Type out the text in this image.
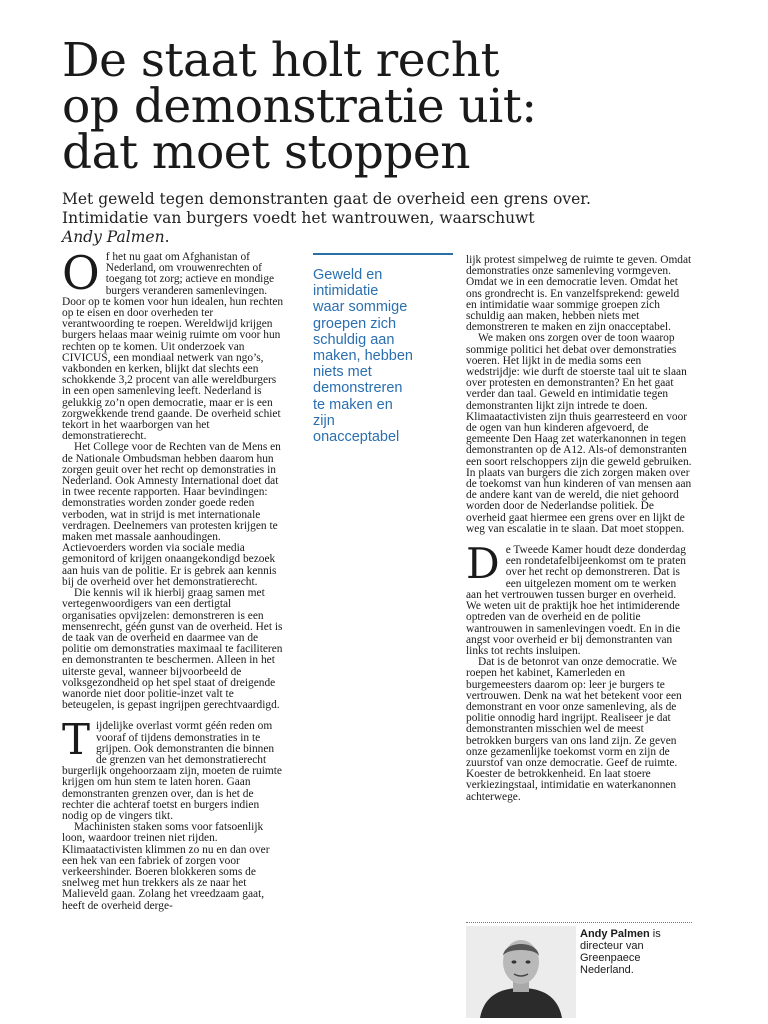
De staat holt recht
op demonstratie uit:
dat moet stoppen
Met geweld tegen demonstranten gaat de overheid een grens over.
Intimidatie van burgers voedt het wantrouwen, waarschuwt
Andy Palmen.

Of het nu gaat om Afghanistan of Nederland, om vrouwenrechten of toegang tot zorg; actieve en mondige burgers veranderen samenlevingen. Door op te komen voor hun idealen, hun rechten op te eisen en door overheden ter verantwoording te roepen. Wereldwijd krijgen burgers helaas maar weinig ruimte om voor hun rechten op te komen. Uit onderzoek van CIVICUS, een mondiaal netwerk van ngo’s, vakbonden en kerken, blijkt dat slechts een schokkende 3,2 procent van alle wereldburgers in een open samenleving leeft. Nederland is gelukkig zo’n open democratie, maar er is een zorgwekkende trend gaande. De overheid schiet tekort in het waarborgen van het demonstratierecht.

Het College voor de Rechten van de Mens en de Nationale Ombudsman hebben daarom hun zorgen geuit over het recht op demonstraties in Nederland. Ook Amnesty International doet dat in twee recente rapporten. Haar bevindingen: demonstraties worden zonder goede reden verboden, wat in strijd is met internationale verdragen. Deelnemers van protesten krijgen te maken met massale aanhoudingen. Actievoerders worden via sociale media gemonitord of krijgen onaangekondigd bezoek aan huis van de politie. Er is gebrek aan kennis bij de overheid over het demonstratierecht.

Die kennis wil ik hierbij graag samen met vertegenwoordigers van een dertigtal organisaties opvijzelen: demonstreren is een mensenrecht, géén gunst van de overheid. Het is de taak van de overheid en daarmee van de politie om demonstraties maximaal te faciliteren en demonstranten te beschermen. Alleen in het uiterste geval, wanneer bijvoorbeeld de volksgezondheid op het spel staat of dreigende wanorde niet door politie-inzet valt te beteugelen, is gepast ingrijpen gerechtvaardigd.

Tijdelijke overlast vormt géén reden om vooraf of tijdens demonstraties in te grijpen. Ook demonstranten die binnen de grenzen van het demonstratierecht burgerlijk ongehoorzaam zijn, moeten de ruimte krijgen om hun stem te laten horen. Gaan demonstranten grenzen over, dan is het de rechter die achteraf toetst en burgers indien nodig op de vingers tikt.

Machinisten staken soms voor fatsoenlijk loon, waardoor treinen niet rijden. Klimaatactivisten klimmen zo nu en dan over een hek van een fabriek of zorgen voor verkeershinder. Boeren blokkeren soms de snelweg met hun trekkers als ze naar het Malieveld gaan. Zolang het vreedzaam gaat, heeft de overheid derge-

Geweld en
intimidatie
waar sommige
groepen zich
schuldig aan
maken, hebben
niets met
demonstreren
te maken en
zijn
onacceptabel

lijk protest simpelweg de ruimte te geven. Omdat demonstraties onze samenleving vormgeven. Omdat we in een democratie leven. Omdat het ons grondrecht is. En vanzelfsprekend: geweld en intimidatie waar sommige groepen zich schuldig aan maken, hebben niets met demonstreren te maken en zijn onacceptabel.

We maken ons zorgen over de toon waarop sommige politici het debat over demonstraties voeren. Het lijkt in de media soms een wedstrijdje: wie durft de stoerste taal uit te slaan over protesten en demonstranten? En het gaat verder dan taal. Geweld en intimidatie tegen demonstranten lijkt zijn intrede te doen. Klimaatactivisten zijn thuis gearresteerd en voor de ogen van hun kinderen afgevoerd, de gemeente Den Haag zet waterkanonnen in tegen demonstranten op de A12. Als-of demonstranten een soort relschoppers zijn die geweld gebruiken. In plaats van burgers die zich zorgen maken over de toekomst van hun kinderen of van mensen aan de andere kant van de wereld, die niet gehoord worden door de Nederlandse politiek. De overheid gaat hiermee een grens over en lijkt de weg van escalatie in te slaan. Dat moet stoppen.

De Tweede Kamer houdt deze donderdag een rondetafelbijeenkomst om te praten over het recht op demonstreren. Dat is een uitgelezen moment om te werken aan het vertrouwen tussen burger en overheid. We weten uit de praktijk hoe het intimiderende optreden van de overheid en de politie wantrouwen in samenlevingen voedt. En in die angst voor overheid er bij demonstranten van links tot rechts insluipen.

Dat is de betonrot van onze democratie. We roepen het kabinet, Kamerleden en burgemeesters daarom op: leer je burgers te vertrouwen. Denk na wat het betekent voor een demonstrant en voor onze samenleving, als de politie onnodig hard ingrijpt. Realiseer je dat demonstranten misschien wel de meest betrokken burgers van ons land zijn. Ze geven onze gezamenlijke toekomst vorm en zijn de zuurstof van onze democratie. Geef de ruimte. Koester de betrokkenheid. En laat stoere verkiezingstaal, intimidatie en waterkanonnen achterwege.

Andy Palmen is
directeur van Greenpaece Nederland.
